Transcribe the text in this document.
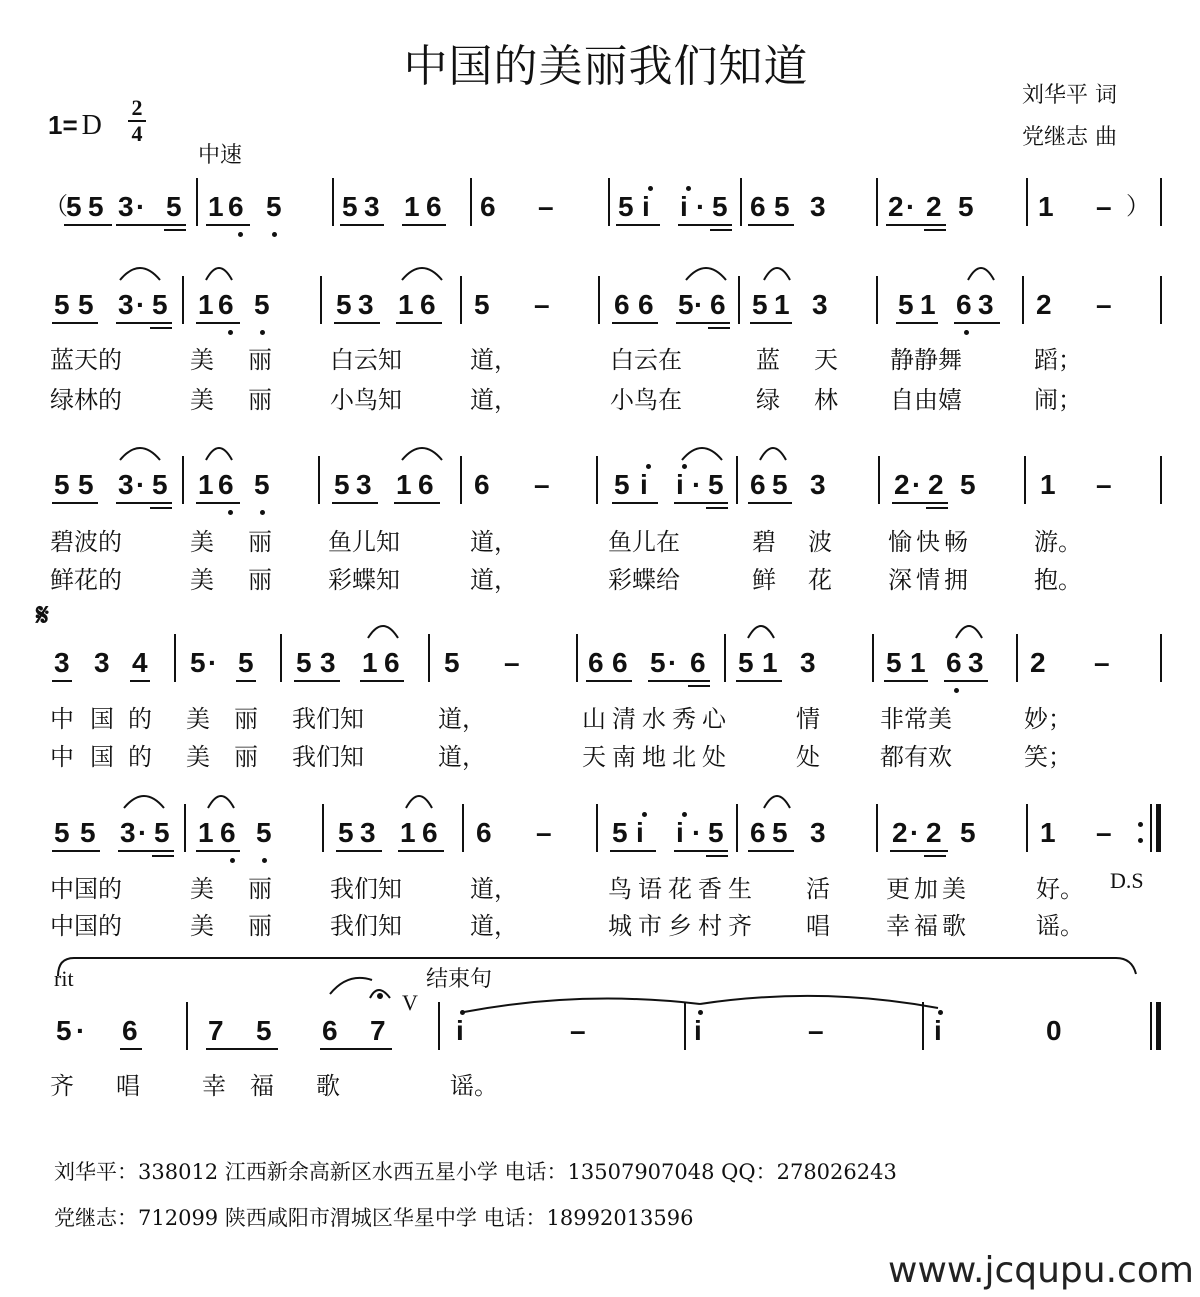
中国的美丽我们知道
刘华平 词
党继志 曲
1= D
2
4
中速
（
5 5 3 · 5 1 6 5 5 3 1 6 6 – 5 i i · 5 6 5 3 2 · 2 5 1 – ）
5 5 3 · 5 1 6 5 5 3 1 6 5 – 6 6 5 · 6 5 1 3	5 1 6 3 2 –
蓝天的	美 丽 白云知	道，	白云在	蓝 天 静静舞	蹈；
绿林的	美 丽 小鸟知	道，	小鸟在	绿 林 自由嬉	闹；
5 5 3 · 5 1 6 5 5 3 1 6 6 – 5 i i · 5 6 5 3 2 · 2 5 1 –
碧波的	美 丽 鱼儿知	道，	鱼儿在	碧 波 愉快畅	游。
鲜花的	美 丽 彩蝶知	道，	彩蝶给	鲜 花 深情拥	抱。
𝄋
3 3 4 5 · 5 5 3 1 6 5 – 6 6 5 · 6 5 1 3	5 1 6 3 2 –
中 国 的 美 丽 我们知	道，	山清水秀心	情	非常美	妙；
中 国 的 美 丽 我们知	道，	天南地北处	处	都有欢	笑；
5 5 3 · 5 1 6 5 5 3 1 6 6 – 5 i i · 5 6 5 3 2 · 2 5 1 –
D.S
中国的	美 丽 我们知	道，	鸟语花香生 活 更加美	好。
中国的	美 丽 我们知	道，	城市乡村齐 唱 幸福歌	谣。
rit	结束句
V
5 · 6	7 5 6 7	i	–	i	–	i	0
齐 唱	幸 福 歌	谣。
刘华平：338012 江西新余高新区水西五星小学 电话：13507907048 QQ：278026243
党继志：712099 陕西咸阳市渭城区华星中学 电话：18992013596
www.jcqupu.com
